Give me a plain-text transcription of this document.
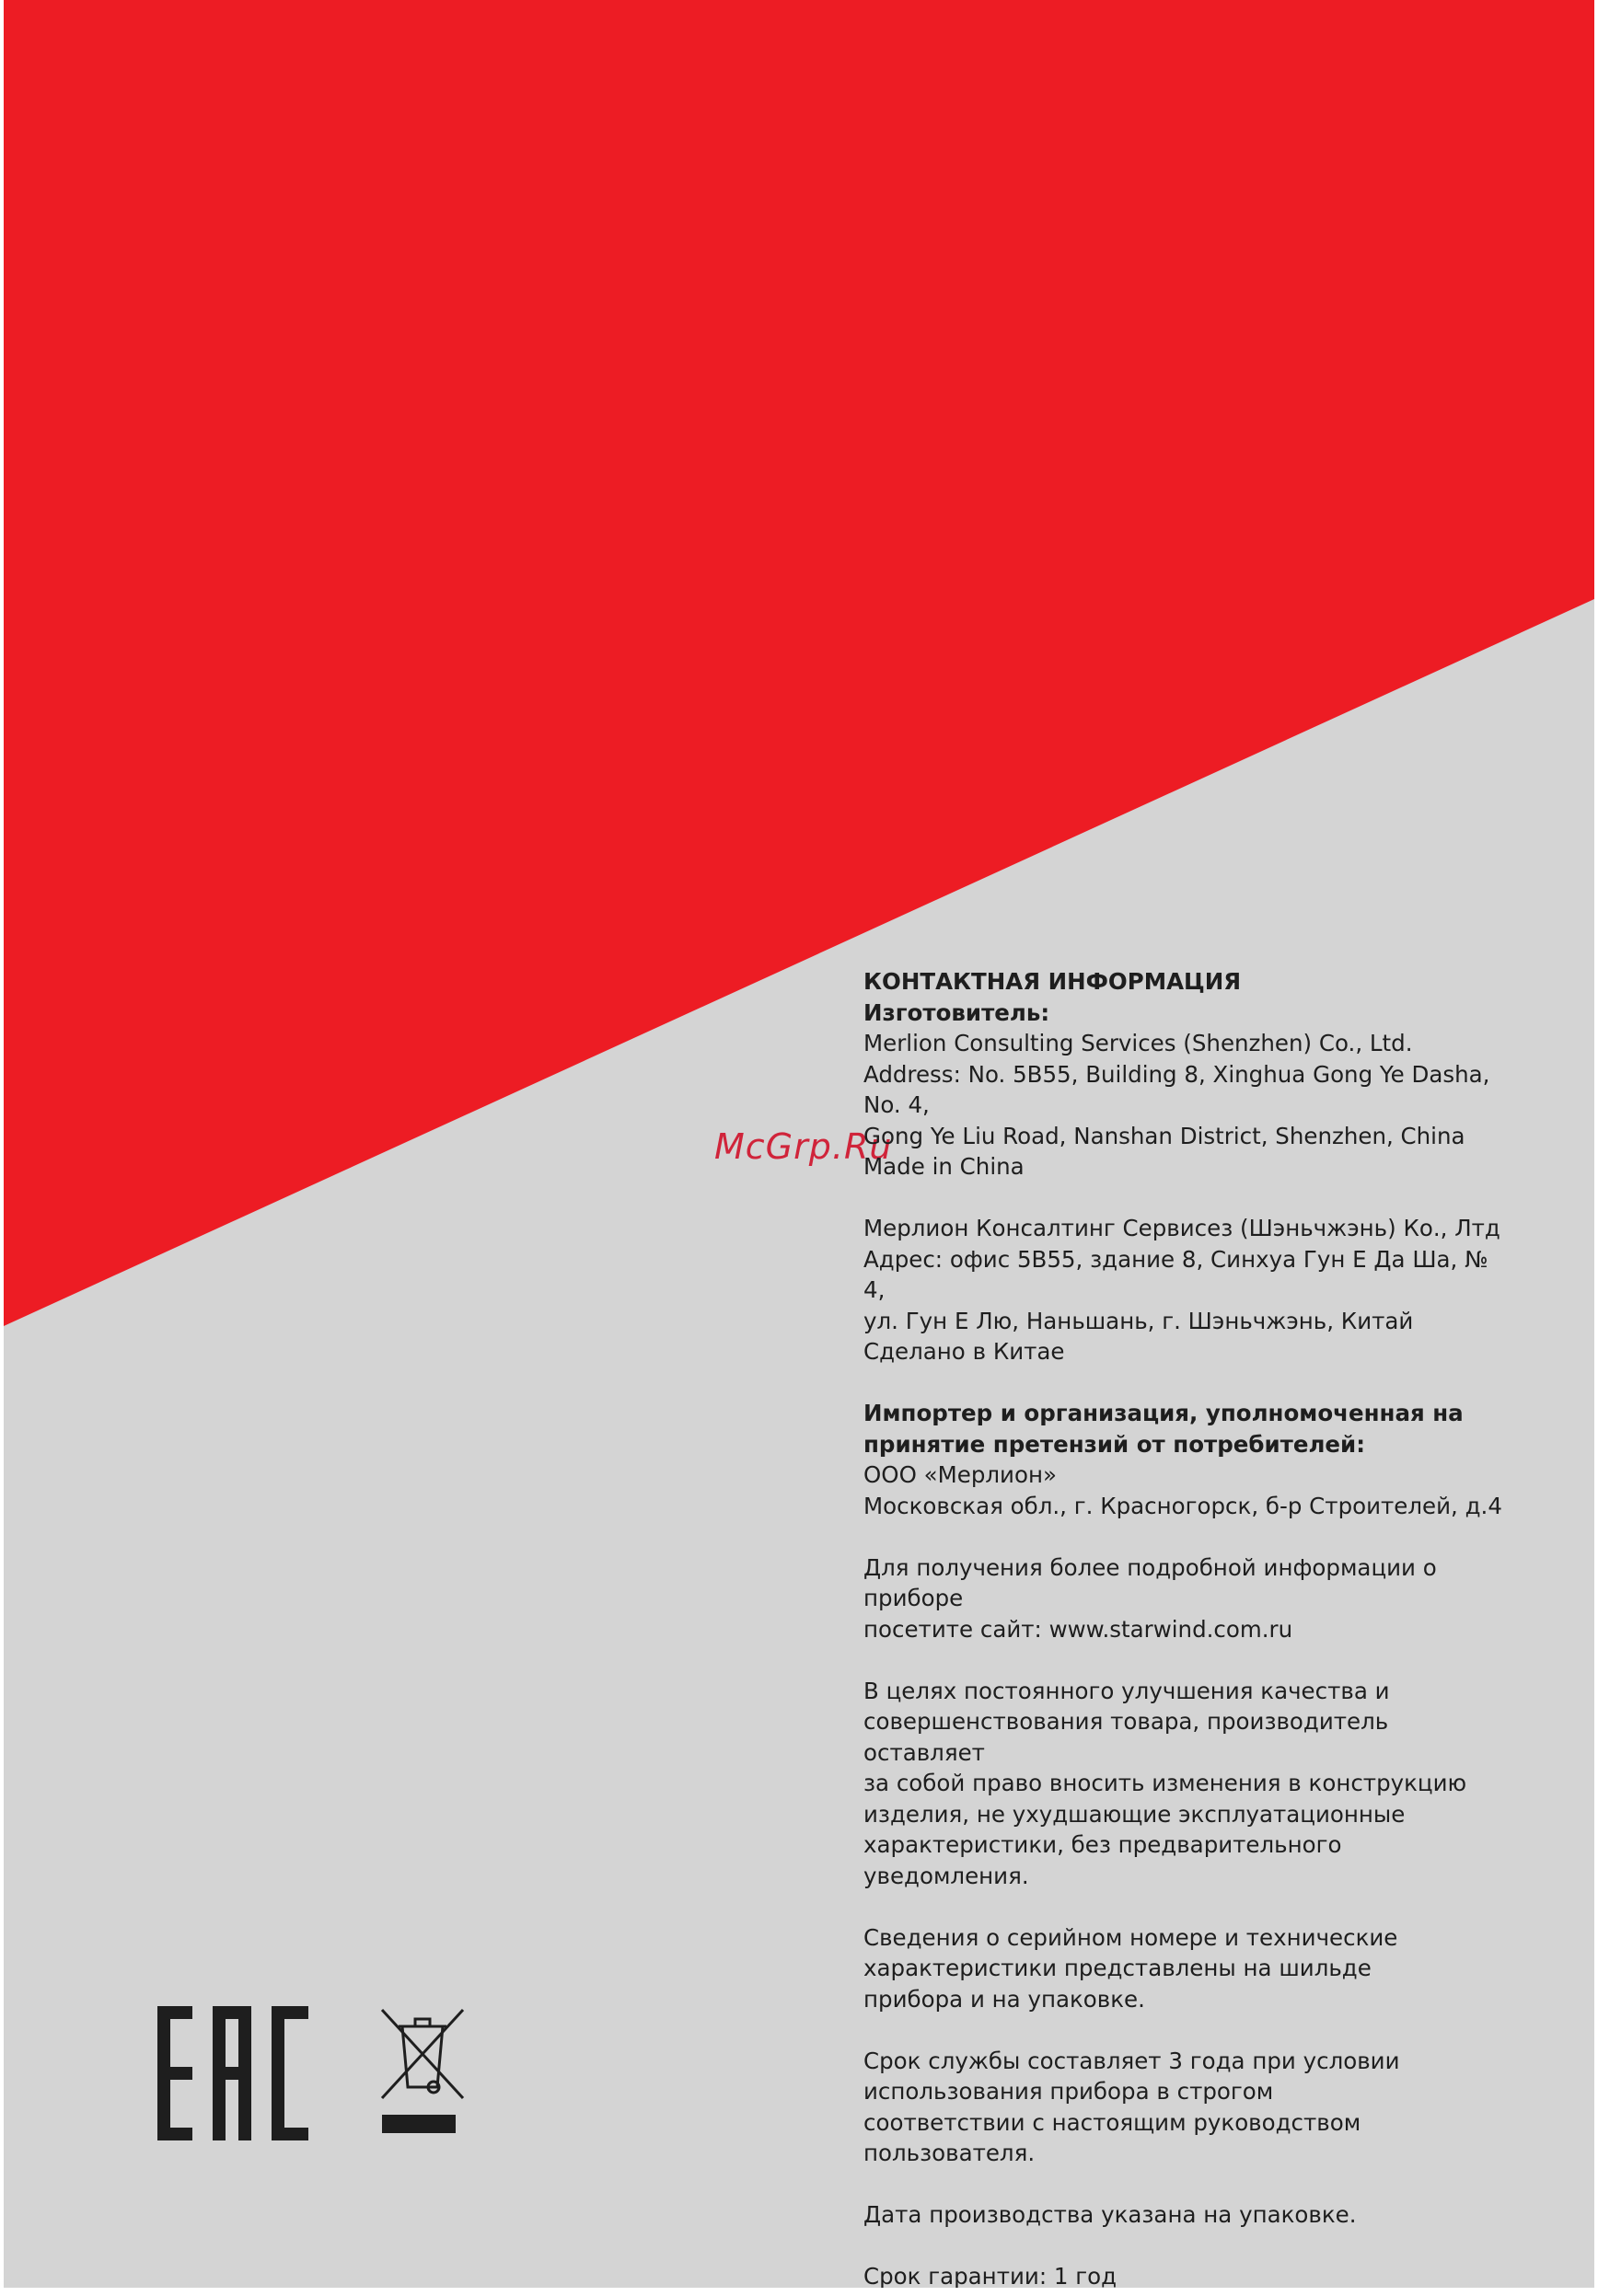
McGrp.Ru

КОНТАКТНАЯ ИНФОРМАЦИЯ
Изготовитель:
Merlion Consulting Services (Shenzhen) Co., Ltd.
Address: No. 5B55, Building 8, Xinghua Gong Ye Dasha,
No. 4,
Gong Ye Liu Road, Nanshan District, Shenzhen, China
Made in China

Мерлион Консалтинг Сервисез (Шэньчжэнь) Ко., Лтд
Адрес: офис 5В55, здание 8, Синхуа Гун Е Да Ша, № 4,
ул. Гун Е Лю, Наньшань, г. Шэньчжэнь, Китай
Сделано в Китае

Импортер и организация, уполномоченная на
принятие претензий от потребителей:
ООО «Мерлион»
Московская обл., г. Красногорск, б-р Строителей, д.4

Для получения более подробной информации о приборе
посетите сайт: www.starwind.com.ru

В целях постоянного улучшения качества и
совершенствования товара, производитель оставляет
за собой право вносить изменения в конструкцию
изделия, не ухудшающие эксплуатационные
характеристики, без предварительного уведомления.

Сведения о серийном номере и технические
характеристики представлены на шильде
прибора и на упаковке.

Срок службы составляет 3 года при условии
использования прибора в строгом
соответствии с настоящим руководством пользователя.

Дата производства указана на упаковке.

Срок гарантии: 1 год
